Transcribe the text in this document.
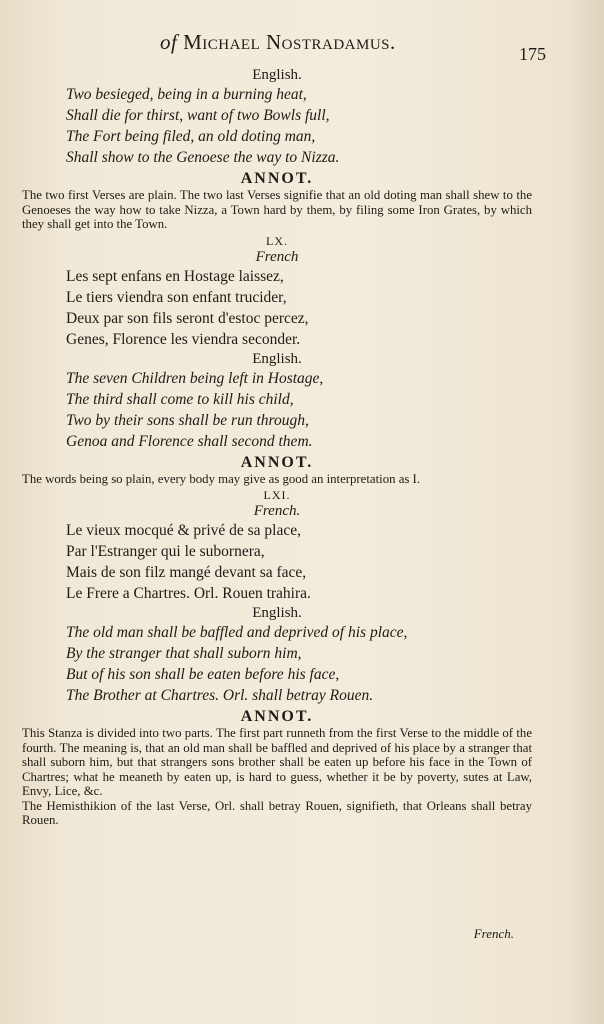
of Michael Nostradamus.	175

English.

Two besieged, being in a burning heat,
Shall die for thirst, want of two Bowls full,
The Fort being filed, an old doting man,
Shall show to the Genoese the way to Nizza.

ANNOT.

The two first Verses are plain. The two last Verses signifie that an old doting man shall shew to the Genoeses the way how to take Nizza, a Town hard by them, by filing some Iron Grates, by which they shall get into the Town.

LX.

French

Les sept enfans en Hostage laissez,
Le tiers viendra son enfant trucider,
Deux par son fils seront d'estoc percez,
Genes, Florence les viendra seconder.

English.

The seven Children being left in Hostage,
The third shall come to kill his child,
Two by their sons shall be run through,
Genoa and Florence shall second them.

ANNOT.

The words being so plain, every body may give as good an interpretation as I.

LXI.

French.

Le vieux mocqué & privé de sa place,
Par l'Estranger qui le subornera,
Mais de son filz mangé devant sa face,
Le Frere a Chartres. Orl. Rouen trahira.

English.

The old man shall be baffled and deprived of his place,
By the stranger that shall suborn him,
But of his son shall be eaten before his face,
The Brother at Chartres. Orl. shall betray Rouen.

ANNOT.

This Stanza is divided into two parts. The first part runneth from the first Verse to the middle of the fourth. The meaning is, that an old man shall be baffled and deprived of his place by a stranger that shall suborn him, but that strangers sons brother shall be eaten up before his face in the Town of Chartres; what he meaneth by eaten up, is hard to guess, whether it be by poverty, sutes at Law, Envy, Lice, &c.

The Hemisthikion of the last Verse, Orl. shall betray Rouen, signifieth, that Orleans shall betray Rouen.

French.
